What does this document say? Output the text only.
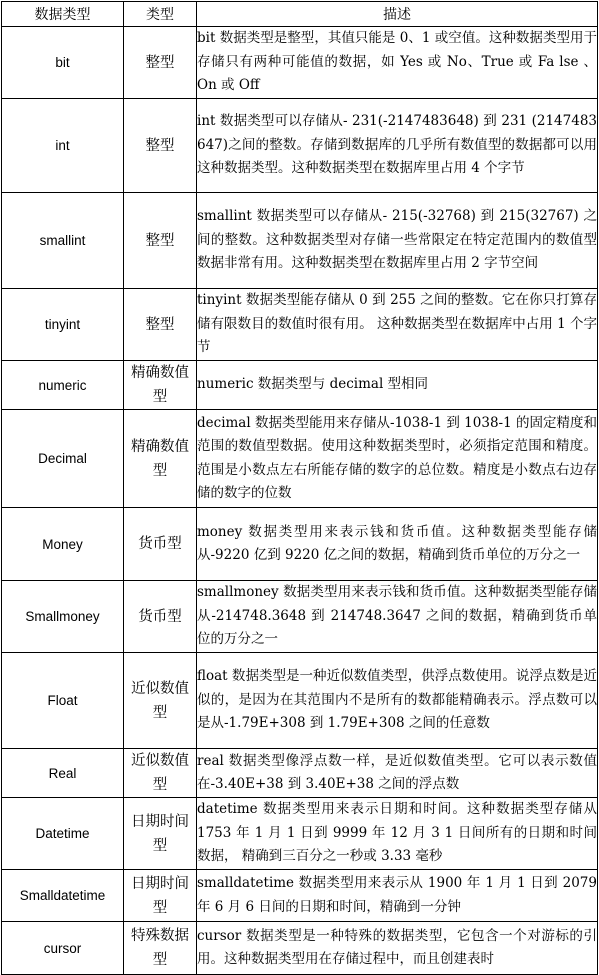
数据类型	类型	描述
bit	整型	bit 数据类型是整型，其值只能是 0、1 或空值。这种数据类型用于存储只有两种可能值的数据，如 Yes 或 No、True 或 Fa lse 、On 或 Off
int	整型	int 数据类型可以存储从- 231(-2147483648) 到 231 (2147483 647)之间的整数。存储到数据库的几乎所有数值型的数据都可以用这种数据类型。这种数据类型在数据库里占用 4 个字节
smallint	整型	smallint 数据类型可以存储从- 215(-32768) 到 215(32767) 之间的整数。这种数据类型对存储一些常限定在特定范围内的数值型数据非常有用。这种数据类型在数据库里占用 2 字节空间
tinyint	整型	tinyint 数据类型能存储从 0 到 255 之间的整数。它在你只打算存储有限数目的数值时很有用。 这种数据类型在数据库中占用 1 个字节
numeric	精确数值型	numeric 数据类型与 decimal 型相同
Decimal	精确数值型	decimal 数据类型能用来存储从-1038-1 到 1038-1 的固定精度和范围的数值型数据。使用这种数据类型时，必须指定范围和精度。 范围是小数点左右所能存储的数字的总位数。精度是小数点右边存储的数字的位数
Money	货币型	money 数据类型用来表示钱和货币值。这种数据类型能存储从-9220 亿到 9220 亿之间的数据，精确到货币单位的万分之一
Smallmoney	货币型	smallmoney 数据类型用来表示钱和货币值。这种数据类型能存储从-214748.3648 到 214748.3647 之间的数据，精确到货币单位的万分之一
Float	近似数值型	float 数据类型是一种近似数值类型，供浮点数使用。说浮点数是近似的，是因为在其范围内不是所有的数都能精确表示。浮点数可以是从-1.79E+308 到 1.79E+308 之间的任意数
Real	近似数值型	real 数据类型像浮点数一样，是近似数值类型。它可以表示数值在-3.40E+38 到 3.40E+38 之间的浮点数
Datetime	日期时间型	datetime 数据类型用来表示日期和时间。这种数据类型存储从 1753 年 1 月 1 日到 9999 年 12 月 3 1 日间所有的日期和时间数据， 精确到三百分之一秒或 3.33 毫秒
Smalldatetime	日期时间型	smalldatetime 数据类型用来表示从 1900 年 1 月 1 日到 2079 年 6 月 6 日间的日期和时间，精确到一分钟
cursor	特殊数据型	cursor 数据类型是一种特殊的数据类型，它包含一个对游标的引用。这种数据类型用在存储过程中，而且创建表时
